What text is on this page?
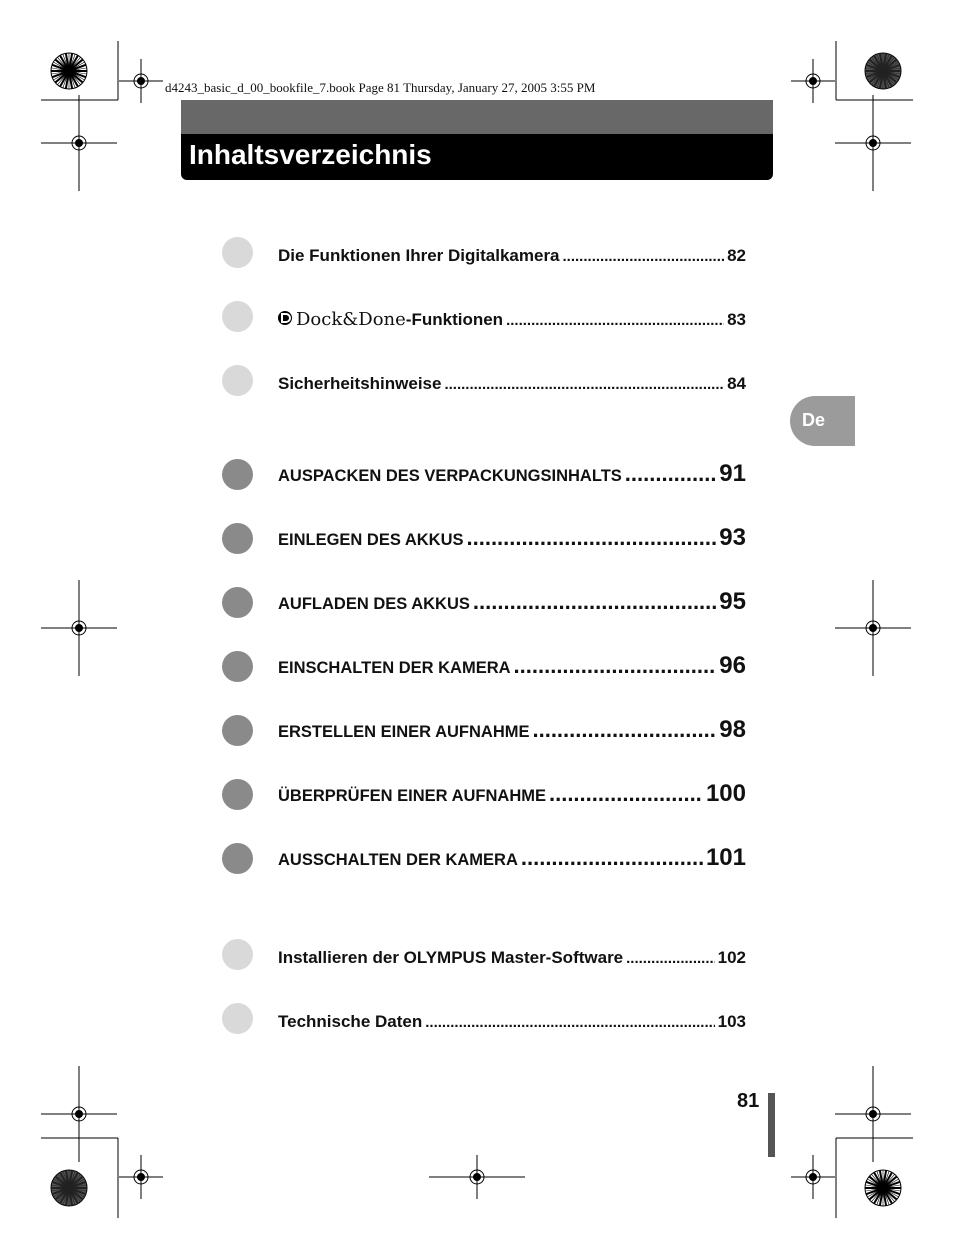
d4243_basic_d_00_bookfile_7.book Page 81 Thursday, January 27, 2005 3:55 PM
Inhaltsverzeichnis
De
Die Funktionen Ihrer Digitalkamera .....	82
Dock&Done -Funktionen .....	83
Sicherheitshinweise .....	84
AUSPACKEN DES VERPACKUNGSINHALTS .....	91
EINLEGEN DES AKKUS .....	93
AUFLADEN DES AKKUS .....	95
EINSCHALTEN DER KAMERA .....	96
ERSTELLEN EINER AUFNAHME .....	98
ÜBERPRÜFEN EINER AUFNAHME .....	100
AUSSCHALTEN DER KAMERA .....	101
Installieren der OLYMPUS Master-Software .....	102
Technische Daten .....	103
81
